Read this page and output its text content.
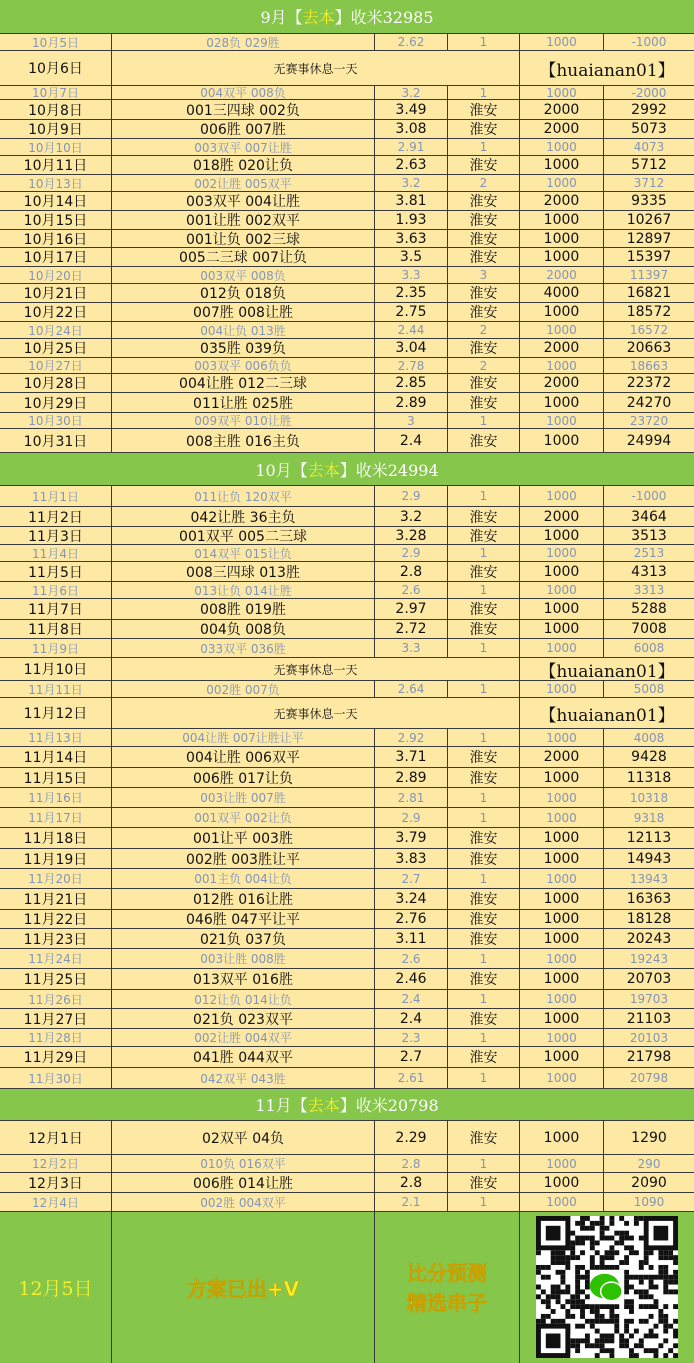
9月【 去本 】收米32985
10月【 去本 】收米24994
11月【 去本 】收米20798
10月5日	028负 029胜	2.62	1	1000	-1000
10月6日	无赛事休息一天	【huaianan01】
10月7日	004双平 008负	3.2	1	1000	-2000
10月8日	001三四球 002负	3.49	淮安	2000	2992
10月9日	006胜 007胜	3.08	淮安	2000	5073
10月10日	003双平 007让胜	2.91	1	1000	4073
10月11日	018胜 020让负	2.63	淮安	1000	5712
10月13日	002让胜 005双平	3.2	2	1000	3712
10月14日	003双平 004让胜	3.81	淮安	2000	9335
10月15日	001让胜 002双平	1.93	淮安	1000	10267
10月16日	001让负 002三球	3.63	淮安	1000	12897
10月17日	005二三球 007让负	3.5	淮安	1000	15397
10月20日	003双平 008负	3.3	3	2000	11397
10月21日	012负 018负	2.35	淮安	4000	16821
10月22日	007胜 008让胜	2.75	淮安	1000	18572
10月24日	004让负 013胜	2.44	2	1000	16572
10月25日	035胜 039负	3.04	淮安	2000	20663
10月27日	003双平 006负负	2.78	2	1000	18663
10月28日	004让胜 012二三球	2.85	淮安	2000	22372
10月29日	011让胜 025胜	2.89	淮安	1000	24270
10月30日	009双平 010让胜	3	1	1000	23720
10月31日	008主胜 016主负	2.4	淮安	1000	24994
11月1日	011让负 120双平	2.9	1	1000	-1000
11月2日	042让胜 36主负	3.2	淮安	2000	3464
11月3日	001双平 005二三球	3.28	淮安	1000	3513
11月4日	014双平 015让负	2.9	1	1000	2513
11月5日	008三四球 013胜	2.8	淮安	1000	4313
11月6日	013让负 014让胜	2.6	1	1000	3313
11月7日	008胜 019胜	2.97	淮安	1000	5288
11月8日	004负 008负	2.72	淮安	1000	7008
11月9日	033双平 036胜	3.3	1	1000	6008
11月10日	无赛事休息一天	【huaianan01】
11月11日	002胜 007负	2.64	1	1000	5008
11月12日	无赛事休息一天	【huaianan01】
11月13日	004让胜 007让胜让平	2.92	1	1000	4008
11月14日	004让胜 006双平	3.71	淮安	2000	9428
11月15日	006胜 017让负	2.89	淮安	1000	11318
11月16日	003让胜 007胜	2.81	1	1000	10318
11月17日	001双平 002让负	2.9	1	1000	9318
11月18日	001让平 003胜	3.79	淮安	1000	12113
11月19日	002胜 003胜让平	3.83	淮安	1000	14943
11月20日	001主负 004让负	2.7	1	1000	13943
11月21日	012胜 016让胜	3.24	淮安	1000	16363
11月22日	046胜 047平让平	2.76	淮安	1000	18128
11月23日	021负 037负	3.11	淮安	1000	20243
11月24日	003让胜 008胜	2.6	1	1000	19243
11月25日	013双平 016胜	2.46	淮安	1000	20703
11月26日	012让负 014让负	2.4	1	1000	19703
11月27日	021负 023双平	2.4	淮安	1000	21103
11月28日	002让胜 004双平	2.3	1	1000	20103
11月29日	041胜 044双平	2.7	淮安	1000	21798
11月30日	042双平 043胜	2.61	1	1000	20798
12月1日	02双平 04负	2.29	淮安	1000	1290
12月2日	010负 016双平	2.8	1	1000	290
12月3日	006胜 014让胜	2.8	淮安	1000	2090
12月4日	002胜 004双平	2.1	1	1000	1090
12月5日	方案已出+V
比分预测
精选串子
